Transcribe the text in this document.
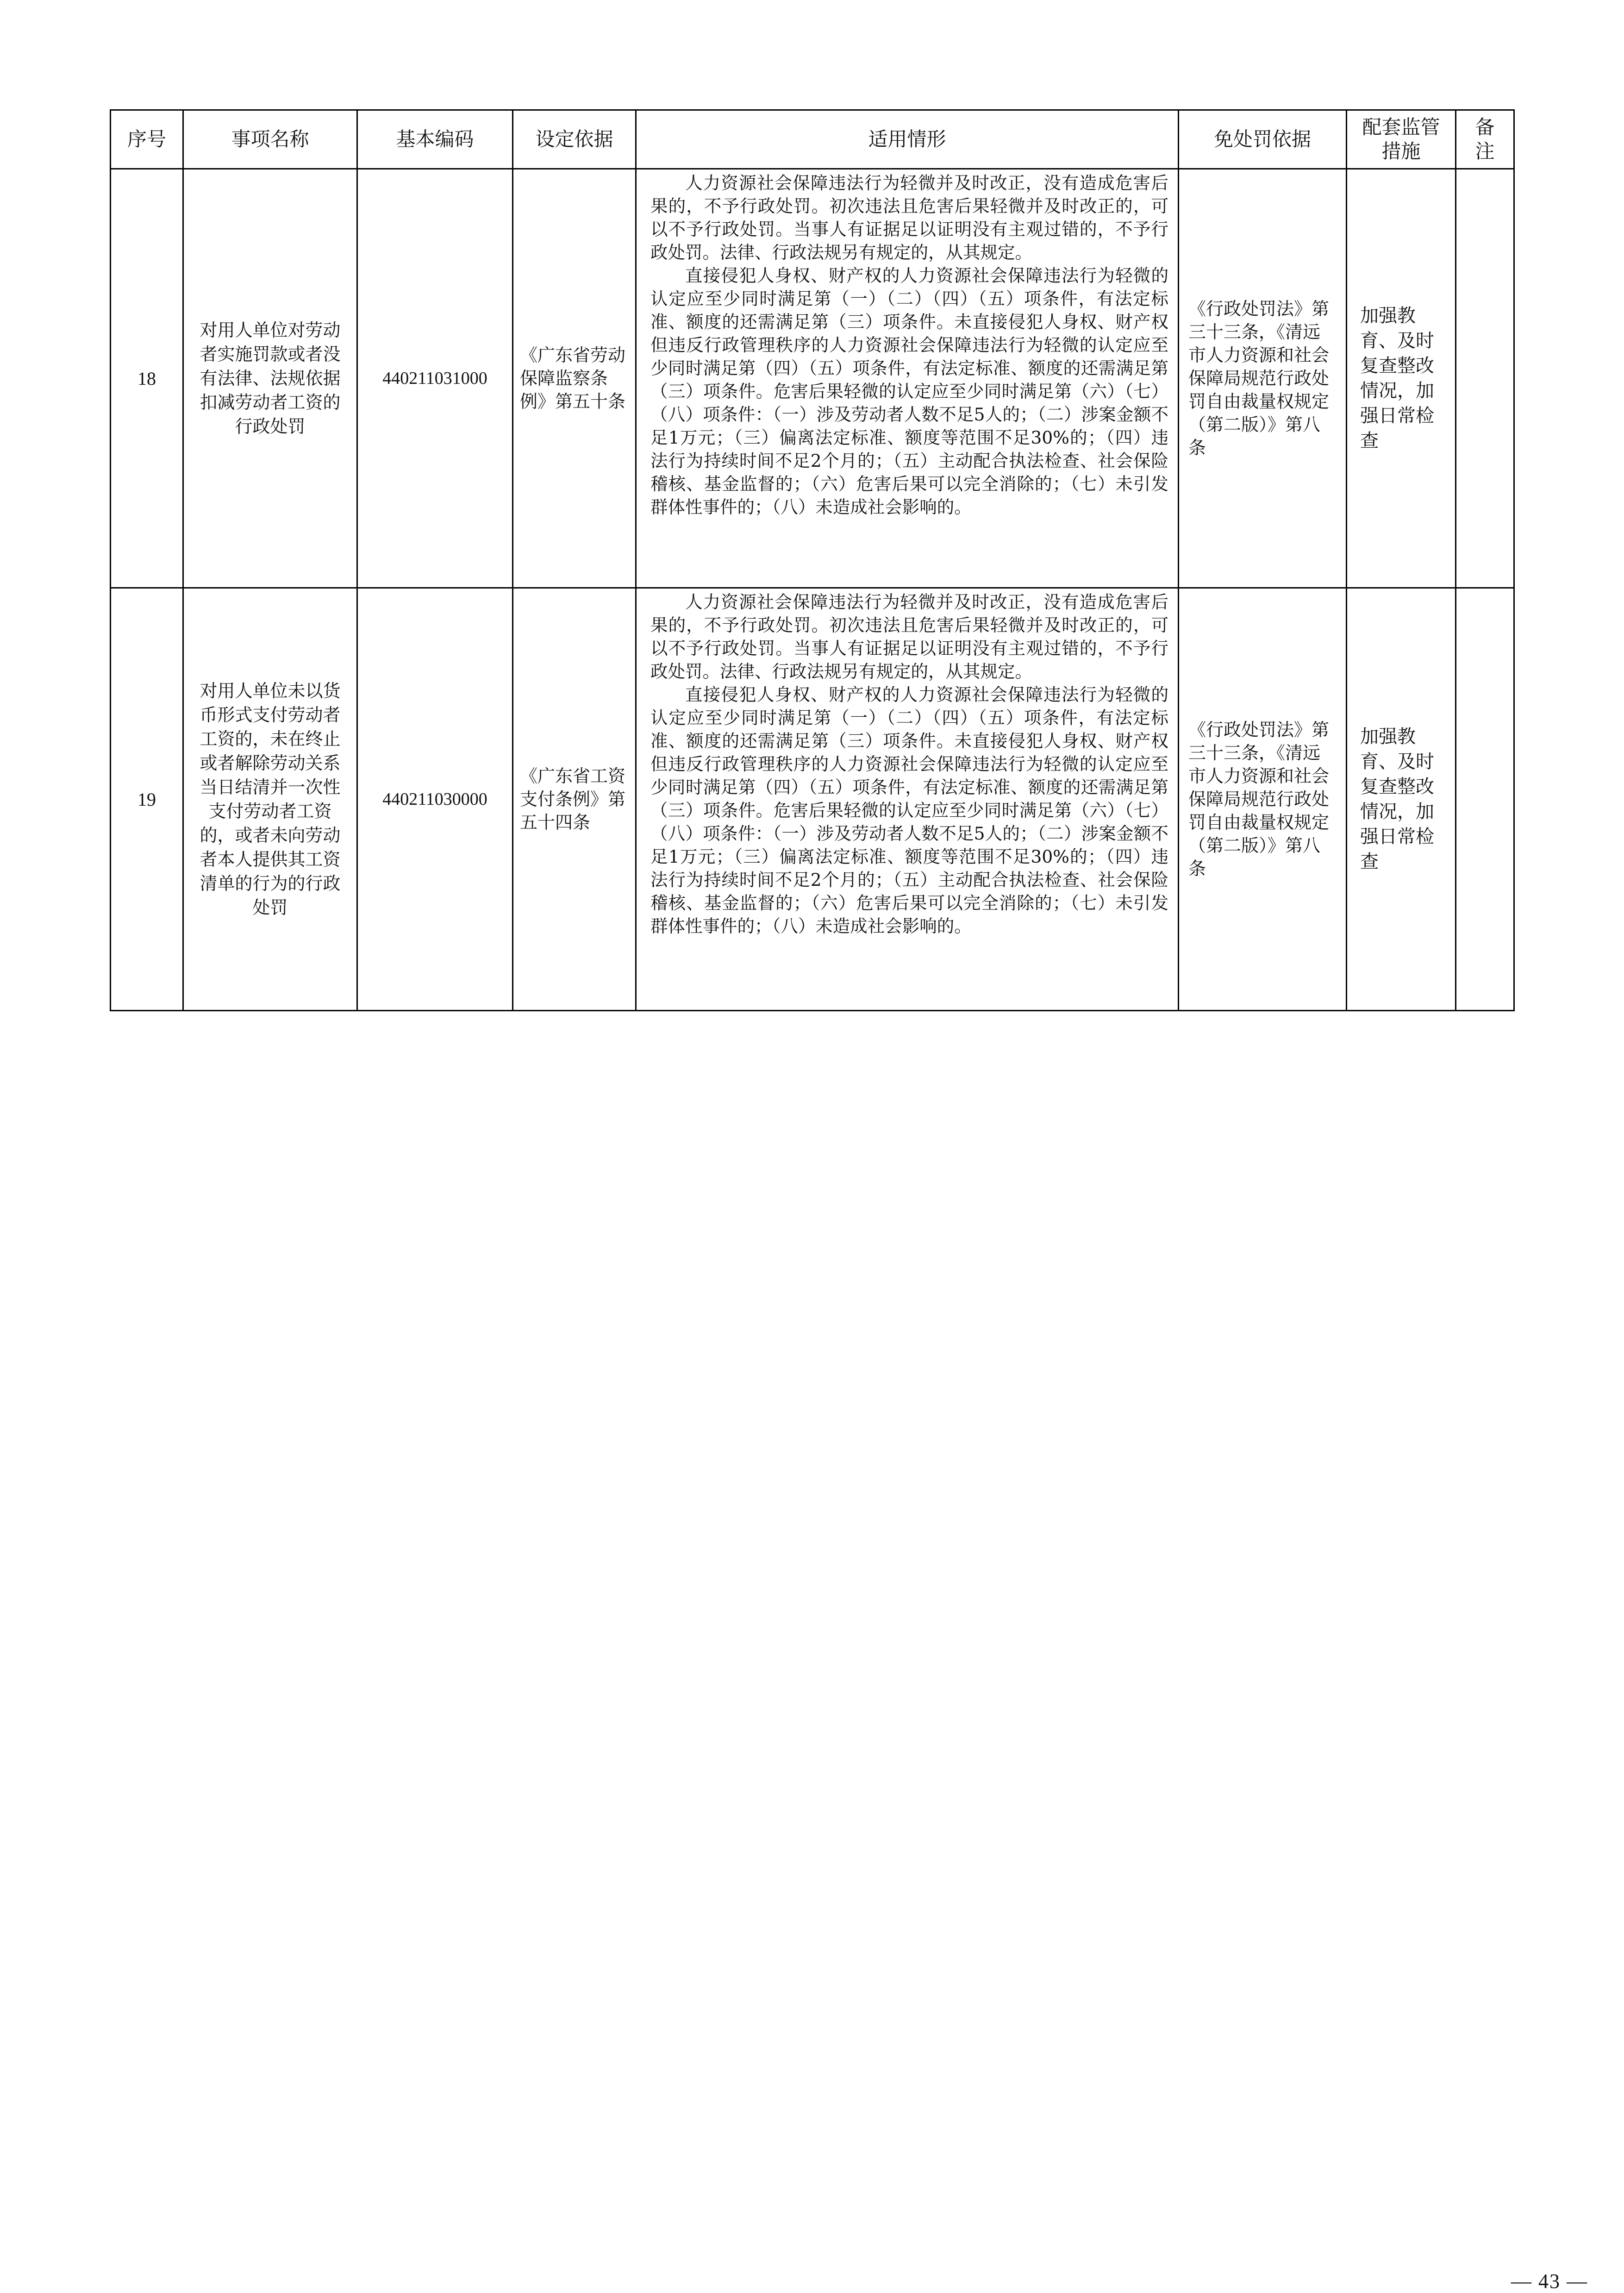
序号	事项名称	基本编码	设定依据	适用情形	免处罚依据	配套监管措施	备注
18	对用人单位对劳动者实施罚款或者没有法律、法规依据扣减劳动者工资的行政处罚	440211031000	《广东省劳动保障监察条例》第五十条	人力资源社会保障违法行为轻微并及时改正，没有造成危害后果的，不予行政处罚。初次违法且危害后果轻微并及时改正的，可以不予行政处罚。当事人有证据足以证明没有主观过错的，不予行政处罚。法律、行政法规另有规定的，从其规定。

直接侵犯人身权、财产权的人力资源社会保障违法行为轻微的认定应至少同时满足第（一）（二）（四）（五）项条件，有法定标准、额度的还需满足第（三）项条件。未直接侵犯人身权、财产权但违反行政管理秩序的人力资源社会保障违法行为轻微的认定应至少同时满足第（四）（五）项条件，有法定标准、额度的还需满足第（三）项条件。危害后果轻微的认定应至少同时满足第（六）（七）（八）项条件：（一）涉及劳动者人数不足5人的；（二）涉案金额不足1万元；（三）偏离法定标准、额度等范围不足30%的；（四）违法行为持续时间不足2个月的；（五）主动配合执法检查、社会保险稽核、基金监督的；（六）危害后果可以完全消除的；（七）未引发群体性事件的；（八）未造成社会影响的。	《行政处罚法》第三十三条，《清远市人力资源和社会保障局规范行政处罚自由裁量权规定（第二版）》第八条	加强教育、及时复查整改情况，加强日常检查	
19	对用人单位未以货币形式支付劳动者工资的，未在终止或者解除劳动关系当日结清并一次性支付劳动者工资的，或者未向劳动者本人提供其工资清单的行为的行政处罚	440211030000	《广东省工资支付条例》第五十四条	人力资源社会保障违法行为轻微并及时改正，没有造成危害后果的，不予行政处罚。初次违法且危害后果轻微并及时改正的，可以不予行政处罚。当事人有证据足以证明没有主观过错的，不予行政处罚。法律、行政法规另有规定的，从其规定。

直接侵犯人身权、财产权的人力资源社会保障违法行为轻微的认定应至少同时满足第（一）（二）（四）（五）项条件，有法定标准、额度的还需满足第（三）项条件。未直接侵犯人身权、财产权但违反行政管理秩序的人力资源社会保障违法行为轻微的认定应至少同时满足第（四）（五）项条件，有法定标准、额度的还需满足第（三）项条件。危害后果轻微的认定应至少同时满足第（六）（七）（八）项条件：（一）涉及劳动者人数不足5人的；（二）涉案金额不足1万元；（三）偏离法定标准、额度等范围不足30%的；（四）违法行为持续时间不足2个月的；（五）主动配合执法检查、社会保险稽核、基金监督的；（六）危害后果可以完全消除的；（七）未引发群体性事件的；（八）未造成社会影响的。	《行政处罚法》第三十三条，《清远市人力资源和社会保障局规范行政处罚自由裁量权规定（第二版）》第八条	加强教育、及时复查整改情况，加强日常检查	
— 43 —
